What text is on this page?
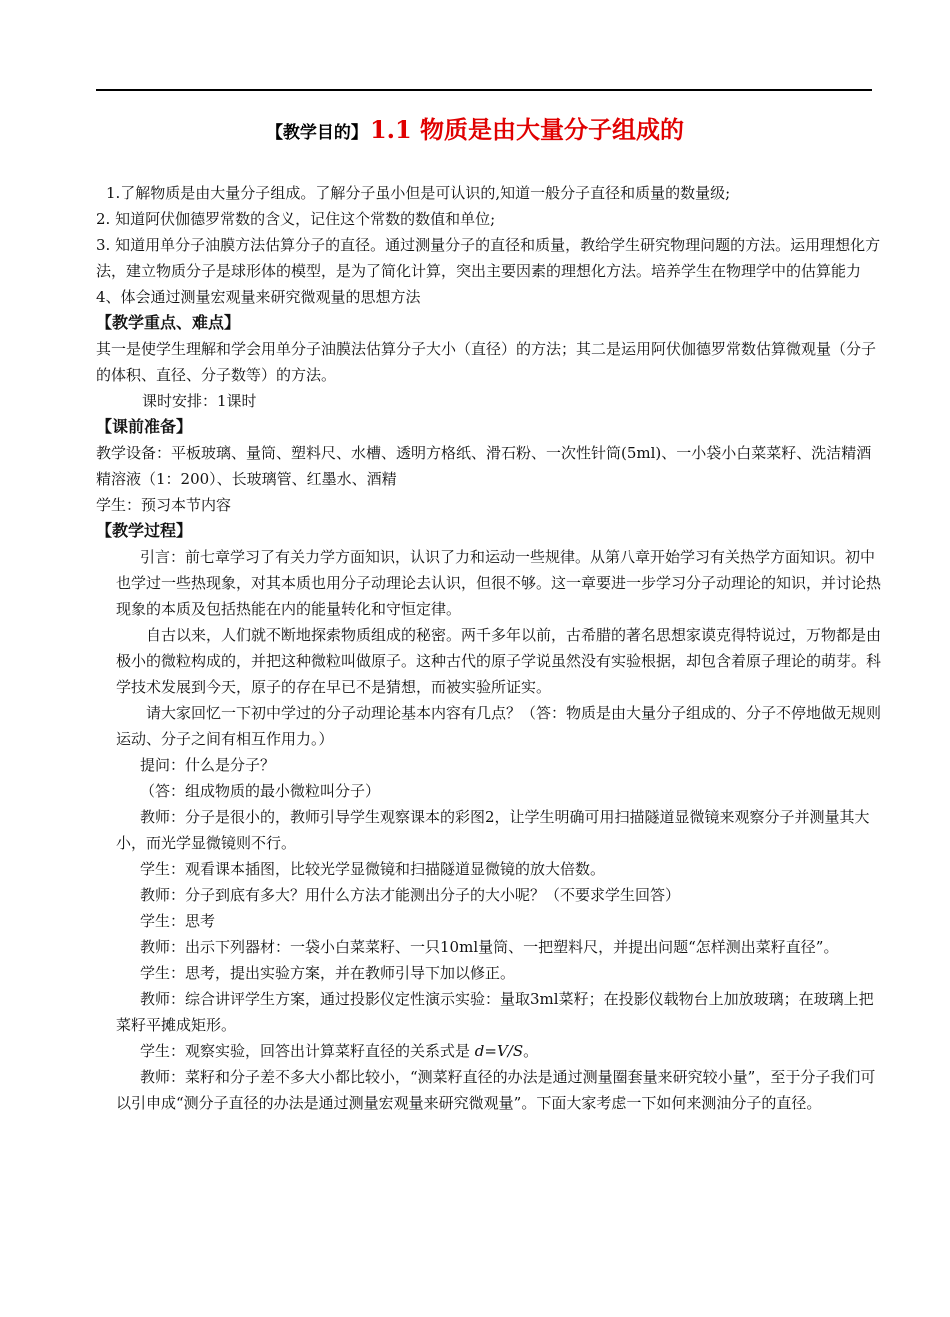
【教学目的】1.1 物质是由大量分子组成的

1.了解物质是由大量分子组成。了解分子虽小但是可认识的,知道一般分子直径和质量的数量级;

2. 知道阿伏伽德罗常数的含义，记住这个常数的数值和单位;

3. 知道用单分子油膜方法估算分子的直径。通过测量分子的直径和质量，教给学生研究物理问题的方法。运用理想化方法，建立物质分子是球形体的模型，是为了简化计算，突出主要因素的理想化方法。培养学生在物理学中的估算能力

4、体会通过测量宏观量来研究微观量的思想方法

【教学重点、难点】

其一是使学生理解和学会用单分子油膜法估算分子大小（直径）的方法；其二是运用阿伏伽德罗常数估算微观量（分子的体积、直径、分子数等）的方法。

课时安排：1课时

【课前准备】

教学设备：平板玻璃、量筒、塑料尺、水槽、透明方格纸、滑石粉、一次性针筒(5ml)、一小袋小白菜菜籽、洗洁精酒精溶液（1：200）、长玻璃管、红墨水、酒精

学生：预习本节内容

【教学过程】

引言：前七章学习了有关力学方面知识，认识了力和运动一些规律。从第八章开始学习有关热学方面知识。初中也学过一些热现象，对其本质也用分子动理论去认识，但很不够。这一章要进一步学习分子动理论的知识，并讨论热现象的本质及包括热能在内的能量转化和守恒定律。

自古以来，人们就不断地探索物质组成的秘密。两千多年以前，古希腊的著名思想家谟克得特说过，万物都是由极小的微粒构成的，并把这种微粒叫做原子。这种古代的原子学说虽然没有实验根据，却包含着原子理论的萌芽。科学技术发展到今天，原子的存在早已不是猜想，而被实验所证实。

请大家回忆一下初中学过的分子动理论基本内容有几点？（答：物质是由大量分子组成的、分子不停地做无规则运动、分子之间有相互作用力。）

提问：什么是分子？

（答：组成物质的最小微粒叫分子）

教师：分子是很小的，教师引导学生观察课本的彩图2，让学生明确可用扫描隧道显微镜来观察分子并测量其大小，而光学显微镜则不行。

学生：观看课本插图，比较光学显微镜和扫描隧道显微镜的放大倍数。

教师：分子到底有多大？用什么方法才能测出分子的大小呢？（不要求学生回答）

学生：思考

教师：出示下列器材：一袋小白菜菜籽、一只10ml量筒、一把塑料尺，并提出问题“怎样测出菜籽直径”。

学生：思考，提出实验方案，并在教师引导下加以修正。

教师：综合讲评学生方案，通过投影仪定性演示实验：量取3ml菜籽；在投影仪载物台上加放玻璃；在玻璃上把菜籽平摊成矩形。

学生：观察实验，回答出计算菜籽直径的关系式是 d=V/S。

教师：菜籽和分子差不多大小都比较小，“测菜籽直径的办法是通过测量圈套量来研究较小量”，至于分子我们可以引申成“测分子直径的办法是通过测量宏观量来研究微观量”。下面大家考虑一下如何来测油分子的直径。
